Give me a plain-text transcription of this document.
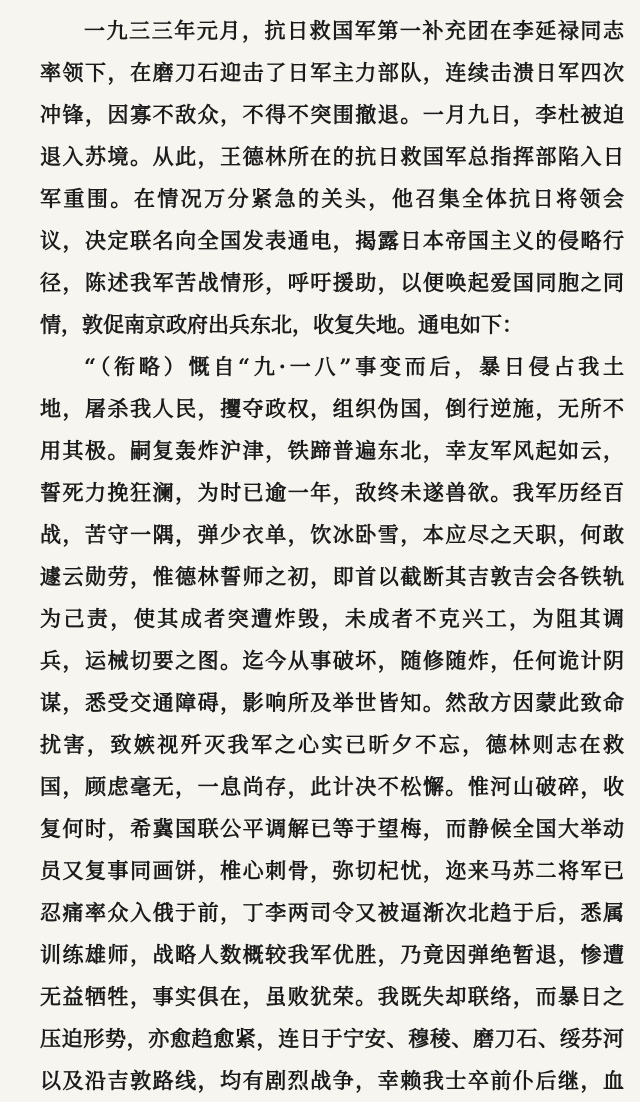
一九三三年元月，抗日救国军第一补充团在李延禄同志
率领下，在磨刀石迎击了日军主力部队，连续击溃日军四次
冲锋，因寡不敌众，不得不突围撤退。一月九日，李杜被迫
退入苏境。从此，王德林所在的抗日救国军总指挥部陷入日
军重围。在情况万分紧急的关头，他召集全体抗日将领会
议，决定联名向全国发表通电，揭露日本帝国主义的侵略行
径，陈述我军苦战情形，呼吁援助，以便唤起爱国同胞之同
情，敦促南京政府出兵东北，收复失地。通电如下：
“（衔略）慨自“九·一八”事变而后，暴日侵占我土
地，屠杀我人民，攫夺政权，组织伪国，倒行逆施，无所不
用其极。嗣复轰炸沪津，铁蹄普遍东北，幸友军风起如云，
誓死力挽狂澜，为时已逾一年，敌终未遂兽欲。我军历经百
战，苦守一隅，弹少衣单，饮冰卧雪，本应尽之天职，何敢
遽云勋劳，惟德林誓师之初，即首以截断其吉敦吉会各铁轨
为己责，使其成者突遭炸毁，未成者不克兴工，为阻其调
兵，运械切要之图。迄今从事破坏，随修随炸，任何诡计阴
谋，悉受交通障碍，影响所及举世皆知。然敌方因蒙此致命
扰害，致嫉视歼灭我军之心实已昕夕不忘，德林则志在救
国，顾虑毫无，一息尚存，此计决不松懈。惟河山破碎，收
复何时，希冀国联公平调解已等于望梅，而静候全国大举动
员又复事同画饼，椎心刺骨，弥切杞忧，迩来马苏二将军已
忍痛率众入俄于前，丁李两司令又被逼渐次北趋于后，悉属
训练雄师，战略人数概较我军优胜，乃竟因弹绝暂退，惨遭
无益牺牲，事实俱在，虽败犹荣。我既失却联络，而暴日之
压迫形势，亦愈趋愈紧，连日于宁安、穆稜、磨刀石、绥芬河
以及沿吉敦路线，均有剧烈战争，幸赖我士卒前仆后继，血
